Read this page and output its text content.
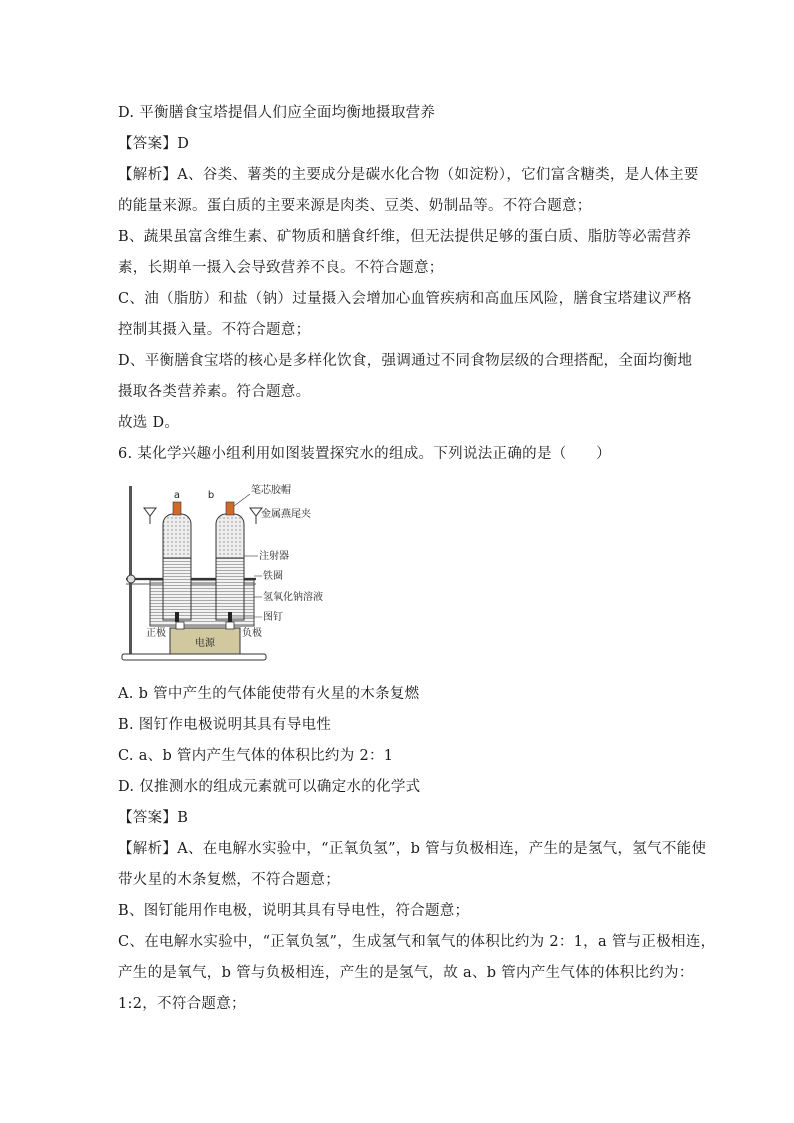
D. 平衡膳食宝塔提倡人们应全面均衡地摄取营养
【答案】D
【解析】A、谷类、薯类的主要成分是碳水化合物（如淀粉），它们富含糖类，是人体主要
的能量来源。蛋白质的主要来源是肉类、豆类、奶制品等。不符合题意；
B、蔬果虽富含维生素、矿物质和膳食纤维，但无法提供足够的蛋白质、脂肪等必需营养
素，长期单一摄入会导致营养不良。不符合题意；
C、油（脂肪）和盐（钠）过量摄入会增加心血管疾病和高血压风险，膳食宝塔建议严格
控制其摄入量。不符合题意；
D、平衡膳食宝塔的核心是多样化饮食，强调通过不同食物层级的合理搭配，全面均衡地
摄取各类营养素。符合题意。
故选 D。
6. 某化学兴趣小组利用如图装置探究水的组成。下列说法正确的是（　　）
a	b	笔芯胶帽
金属燕尾夹
注射器
铁圈
氢氧化钠溶液
图钉
正极	负极
电源
A. b 管中产生的气体能使带有火星的木条复燃
B. 图钉作电极说明其具有导电性
C. a、b 管内产生气体的体积比约为 2：1
D. 仅推测水的组成元素就可以确定水的化学式
【答案】B
【解析】A、在电解水实验中，“正氧负氢”，b 管与负极相连，产生的是氢气，氢气不能使
带火星的木条复燃，不符合题意；
B、图钉能用作电极，说明其具有导电性，符合题意；
C、在电解水实验中，“正氧负氢”，生成氢气和氧气的体积比约为 2：1，a 管与正极相连，
产生的是氧气，b 管与负极相连，产生的是氢气，故 a、b 管内产生气体的体积比约为：
1:2，不符合题意；
